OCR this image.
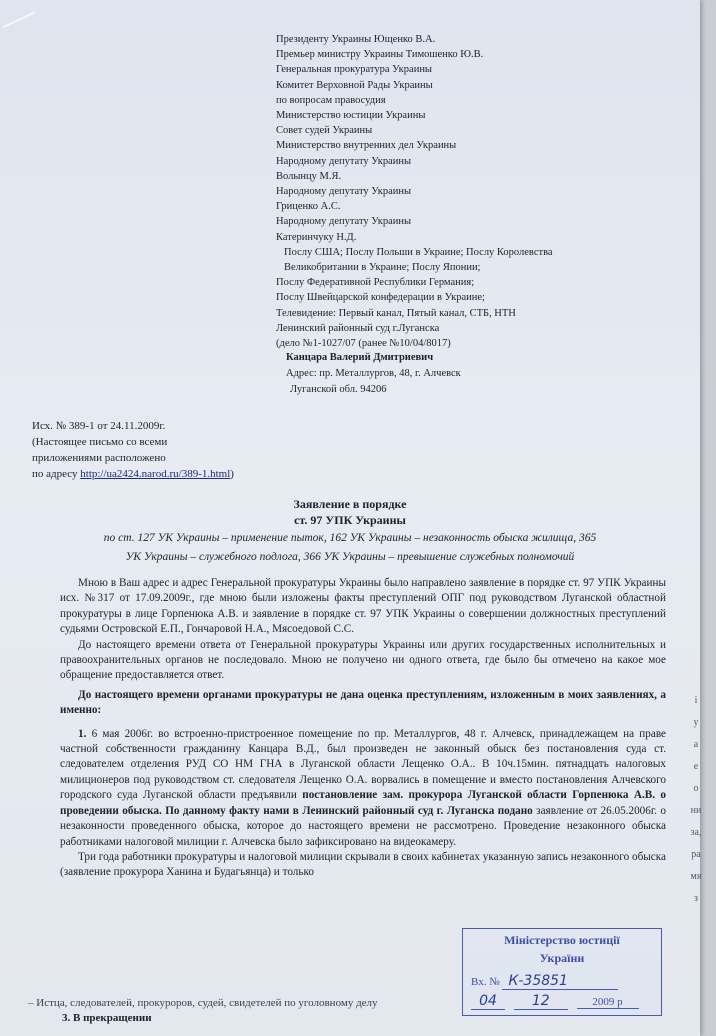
Президенту Украины Ющенко В.А.
Премьер министру Украины Тимошенко Ю.В.
Генеральная прокуратура Украины
Комитет Верховной Рады Украины
по вопросам правосудия
Министерство юстиции Украины
Совет судей Украины
Министерство внутренних дел Украины
Народному депутату Украины
Волынцу М.Я.
Народному депутату Украины
Гриценко А.С.
Народному депутату Украины
Катеринчуку Н.Д.
Послу США; Послу Польши в Украине; Послу Королевства
Великобритании в Украине; Послу Японии;
Послу Федеративной Республики Германия;
Послу Швейцарской конфедерации в Украине;
Телевидение: Первый канал, Пятый канал, СТБ, НТН
Ленинский районный суд г.Луганска
(дело №1-1027/07 (ранее №10/04/8017)
Канцара Валерий Дмитриевич
Адрес: пр. Металлургов, 48, г. Алчевск
Луганской обл. 94206
Исх. № 389-1 от 24.11.2009г.
(Настоящее письмо со всеми
приложениями расположено
по адресу http://ua2424.narod.ru/389-1.html)
Заявление в порядке
ст. 97 УПК Украины
по ст. 127 УК Украины – применение пыток, 162 УК Украины – незаконность обыска жилища, 365
УК Украины – служебного подлога, 366 УК Украины – превышение служебных полномочий

Мною в Ваш адрес и адрес Генеральной прокуратуры Украины было направлено заявление в порядке ст. 97 УПК Украины исх. №317 от 17.09.2009г., где мною были изложены факты преступлений ОПГ под руководством Луганской областной прокуратуры в лице Горпенюка А.В. и заявление в порядке ст. 97 УПК Украины о совершении должностных преступлений судьями Островской Е.П., Гончаровой Н.А., Мясоедовой С.С.

До настоящего времени ответа от Генеральной прокуратуры Украины или других государственных исполнительных и правоохранительных органов не последовало. Мною не получено ни одного ответа, где было бы отмечено на какое мое обращение предоставляется ответ.

До настоящего времени органами прокуратуры не дана оценка преступлениям, изложенным в моих заявлениях, а именно:

1. 6 мая 2006г. во встроенно-пристроенное помещение по пр. Металлургов, 48 г. Алчевск, принадлежащем на праве частной собственности гражданину Канцара В.Д., был произведен не законный обыск без постановления суда ст. следователем отделения РУД СО НМ ГНА в Луганской области Лещенко О.А.. В 10ч.15мин. пятнадцать налоговых милиционеров под руководством ст. следователя Лещенко О.А. ворвались в помещение и вместо постановления Алчевского городского суда Луганской области предъявили постановление зам. прокурора Луганской области Горпенюка А.В. о проведении обыска. По данному факту нами в Ленинский районный суд г. Луганска подано заявление от 26.05.2006г. о незаконности проведенного обыска, которое до настоящего времени не рассмотрено. Проведение незаконного обыска работниками налоговой милиции г. Алчевска было зафиксировано на видеокамеру.

Три года работники прокуратуры и налоговой милиции скрывали в своих кабинетах указанную запись незаконного обыска (заявление прокурора Ханина и Будагьянца) и только

– Истца, следователей, прокуроров, судей, свидетелей по уголовному делу
3. В прекращении
Міністерство юстиції
України
Вх. № К-35851
04 12	2009 р
і
у
а
е
о
ни
за,
ра
мя
з
